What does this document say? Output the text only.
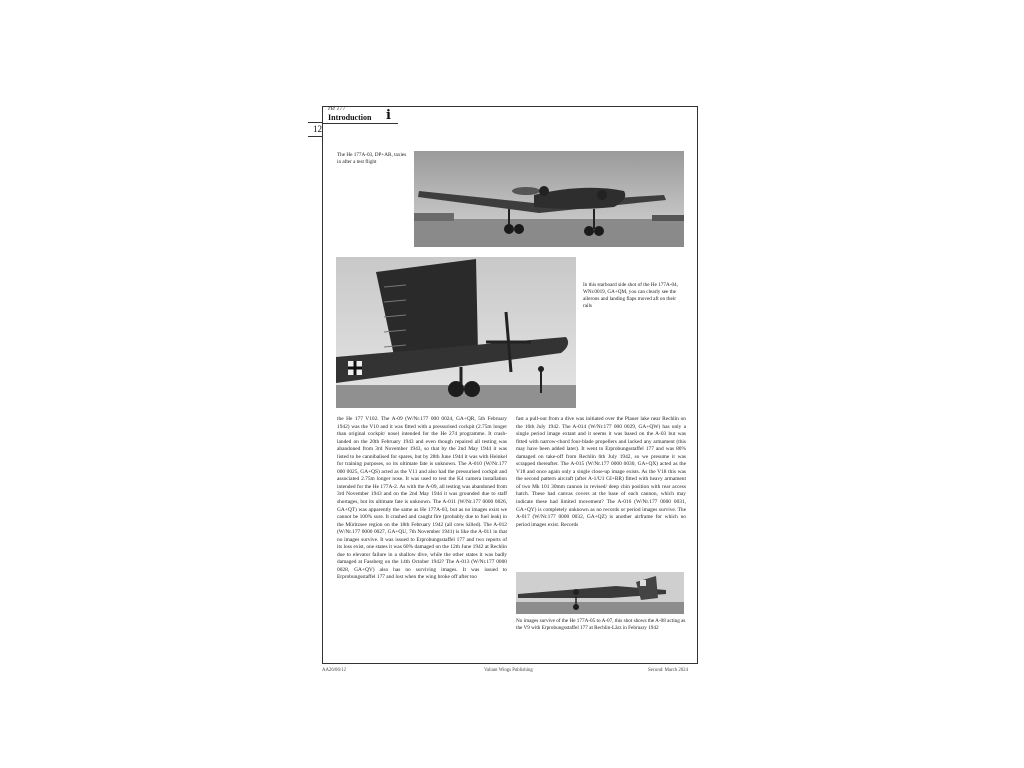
He 177
Introduction i
12
The He 177A-03, DP+AR, taxies in after a test flight
In this starboard side shot of the He 177A-04, WNr.0019, GA+QM, you can clearly see the ailerons and landing flaps moved aft on their rails
the He 177 V102. The A-09 (W/Nr.177 000 0024, GA+QR, 5th February 1942) was the V10 and it was fitted with a pressurised cockpit (2.75m longer than original cockpit/ nose) intended for the He 274 programme. It crash-landed on the 20th February 1943 and even though repaired all testing was abandoned from 3rd November 1943, so that by the 2nd May 1944 it was listed to be cannibalised for spares, but by 28th June 1944 it was with Heinkel for training purposes, so its ultimate fate is unknown. The A-010 (W/Nr.177 000 0025, GA+QS) acted as the V11 and also had the pressurised cockpit and associated 2.75m longer nose. It was used to test the K4 camera installation intended for the He 177A-2. As with the A-09, all testing was abandoned from 3rd November 1943 and on the 2nd May 1944 it was grounded due to staff shortages, but its ultimate fate is unknown. The A-011 (W/Nr.177 0000 0026, GA+QT) was apparently the same as He 177A-03, but as no images exist we cannot be 100% sure. It crashed and caught fire (probably due to fuel leak) in the Müritzsee region on the 18th February 1942 (all crew killed). The A-012 (W/Nr.177 0000 0027, GA+QU, 7th November 1941) is like the A-011 in that no images survive. It was issued to Erprobungsstaffel 177 and two reports of its loss exist, one states it was 60% damaged on the 12th June 1942 at Rechlin due to elevator failure in a shallow dive, while the other states it was badly damaged at Fassberg on the 14th October 1942? The A-013 (W/Nr.177 0000 0028, GA+QV) also has no surviving images. It was issued to Erprobungsstaffel 177 and lost when the wing broke off after too
fast a pull-out from a dive was initiated over the Plauer lake near Rechlin on the 16th July 1942. The A-014 (W/Nr.177 000 0029, GA+QW) has only a single period image extant and it seems it was based on the A-03 but was fitted with narrow-chord four-blade propellers and lacked any armament (this may have been added later). It went to Erprobungsstaffel 177 and was 80% damaged on take-off from Rechlin 6th July 1942, so we presume it was scrapped thereafter. The A-015 (W/Nr.177 0000 0030, GA+QX) acted as the V18 and once again only a single close-up image exists. As the V18 this was the second pattern aircraft (after A-1/U1 GI+BR) fitted with heavy armament of two Mk 101 30mm cannon in revised/ deep chin position with rear access hatch. These had canvas covers at the base of each cannon, which may indicate these had limited movement? The A-016 (W/Nr.177 0000 0031, GA+QY) is completely unknown as no records or period images survive. The A-017 (W/Nr.177 0000 0032, GA+QZ) is another airframe for which no period images exist. Records
No images survive of the He 177A-05 to A-07, this shot shows the A-08 acting as the V9 with Erprobungsstaffel 177 at Rechlin-Lärz in February 1942
AA26/06/12	Valiant Wings Publishing	Second: March 2024
